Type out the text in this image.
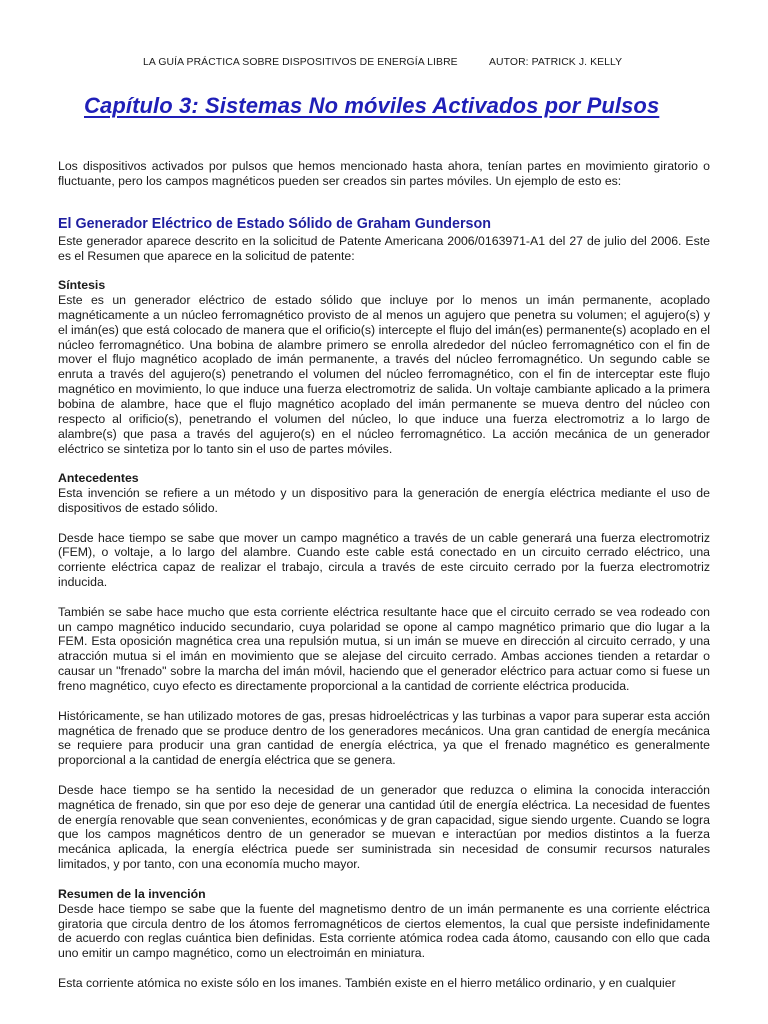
LA GUÍA PRÁCTICA SOBRE DISPOSITIVOS DE ENERGÍA LIBRE	AUTOR: PATRICK J. KELLY
Capítulo 3: Sistemas No móviles Activados por Pulsos

Los dispositivos activados por pulsos que hemos mencionado hasta ahora, tenían partes en movimiento giratorio o fluctuante, pero los campos magnéticos pueden ser creados sin partes móviles. Un ejemplo de esto es:

El Generador Eléctrico de Estado Sólido de Graham Gunderson

Este generador aparece descrito en la solicitud de Patente Americana 2006/0163971-A1 del 27 de julio del 2006. Este es el Resumen que aparece en la solicitud de patente:

Síntesis

Este es un generador eléctrico de estado sólido que incluye por lo menos un imán permanente, acoplado magnéticamente a un núcleo ferromagnético provisto de al menos un agujero que penetra su volumen; el agujero(s) y el imán(es) que está colocado de manera que el orificio(s) intercepte el flujo del imán(es) permanente(s) acoplado en el núcleo ferromagnético. Una bobina de alambre primero se enrolla alrededor del núcleo ferromagnético con el fin de mover el flujo magnético acoplado de imán permanente, a través del núcleo ferromagnético. Un segundo cable se enruta a través del agujero(s) penetrando el volumen del núcleo ferromagnético, con el fin de interceptar este flujo magnético en movimiento, lo que induce una fuerza electromotriz de salida. Un voltaje cambiante aplicado a la primera bobina de alambre, hace que el flujo magnético acoplado del imán permanente se mueva dentro del núcleo con respecto al orificio(s), penetrando el volumen del núcleo, lo que induce una fuerza electromotriz a lo largo de alambre(s) que pasa a través del agujero(s) en el núcleo ferromagnético. La acción mecánica de un generador eléctrico se sintetiza por lo tanto sin el uso de partes móviles.

Antecedentes

Esta invención se refiere a un método y un dispositivo para la generación de energía eléctrica mediante el uso de dispositivos de estado sólido.

Desde hace tiempo se sabe que mover un campo magnético a través de un cable generará una fuerza electromotriz (FEM), o voltaje, a lo largo del alambre. Cuando este cable está conectado en un circuito cerrado eléctrico, una corriente eléctrica capaz de realizar el trabajo, circula a través de este circuito cerrado por la fuerza electromotriz inducida.

También se sabe hace mucho que esta corriente eléctrica resultante hace que el circuito cerrado se vea rodeado con un campo magnético inducido secundario, cuya polaridad se opone al campo magnético primario que dio lugar a la FEM. Esta oposición magnética crea una repulsión mutua, si un imán se mueve en dirección al circuito cerrado, y una atracción mutua si el imán en movimiento que se alejase del circuito cerrado. Ambas acciones tienden a retardar o causar un "frenado" sobre la marcha del imán móvil, haciendo que el generador eléctrico para actuar como si fuese un freno magnético, cuyo efecto es directamente proporcional a la cantidad de corriente eléctrica producida.

Históricamente, se han utilizado motores de gas, presas hidroeléctricas y las turbinas a vapor para superar esta acción magnética de frenado que se produce dentro de los generadores mecánicos. Una gran cantidad de energía mecánica se requiere para producir una gran cantidad de energía eléctrica, ya que el frenado magnético es generalmente proporcional a la cantidad de energía eléctrica que se genera.

Desde hace tiempo se ha sentido la necesidad de un generador que reduzca o elimina la conocida interacción magnética de frenado, sin que por eso deje de generar una cantidad útil de energía eléctrica. La necesidad de fuentes de energía renovable que sean convenientes, económicas y de gran capacidad, sigue siendo urgente. Cuando se logra que los campos magnéticos dentro de un generador se muevan e interactúan por medios distintos a la fuerza mecánica aplicada, la energía eléctrica puede ser suministrada sin necesidad de consumir recursos naturales limitados, y por tanto, con una economía mucho mayor.

Resumen de la invención

Desde hace tiempo se sabe que la fuente del magnetismo dentro de un imán permanente es una corriente eléctrica giratoria que circula dentro de los átomos ferromagnéticos de ciertos elementos, la cual que persiste indefinidamente de acuerdo con reglas cuántica bien definidas. Esta corriente atómica rodea cada átomo, causando con ello que cada uno emitir un campo magnético, como un electroimán en miniatura.

Esta corriente atómica no existe sólo en los imanes. También existe en el hierro metálico ordinario, y en cualquier
